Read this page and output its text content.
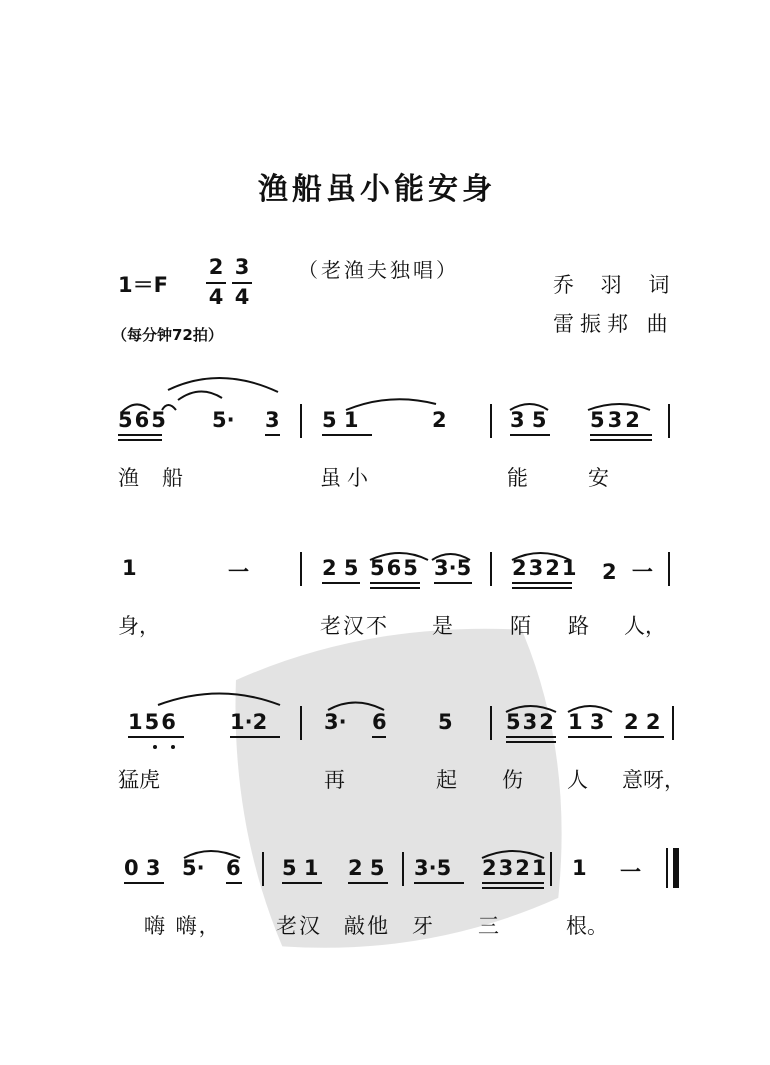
渔船虽小能安身
（老渔夫独唱）
1＝F
2
4
3
4
（每分钟72拍）
乔 羽 词
雷振邦 曲
565 5· 3 5 1	2	3 5 532
渔 船	虽小	能	安
1	一	2 5 565 3·5 2321 2 一
身，	老汉不 是	陌 路 人，
156 1·2	3· 6 5	532 1 3 2 2
猛虎	再	起 伤 人 意呀，
0 3 5· 6 5 1 2 5 3·5 2321 1 一
嗨 嗨，	老汉 敲他 牙 三	根。
